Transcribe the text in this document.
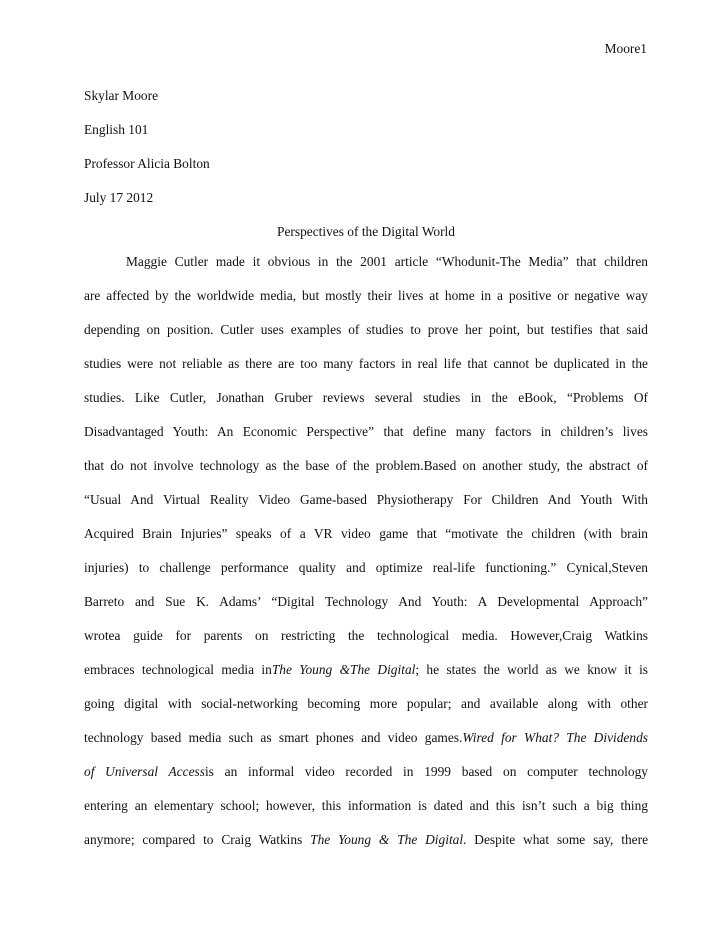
Moore1
Skylar Moore
English 101
Professor Alicia Bolton
July 17 2012
Perspectives of the Digital World
Maggie Cutler made it obvious in the 2001 article “Whodunit-The Media” that children
are affected by the worldwide media, but mostly their lives at home in a positive or negative way
depending on position. Cutler uses examples of studies to prove her point, but testifies that said
studies were not reliable as there are too many factors in real life that cannot be duplicated in the
studies. Like Cutler, Jonathan Gruber reviews several studies in the eBook, “Problems Of
Disadvantaged Youth: An Economic Perspective” that define many factors in children’s lives
that do not involve technology as the base of the problem.Based on another study, the abstract of
“Usual And Virtual Reality Video Game-based Physiotherapy For Children And Youth With
Acquired Brain Injuries” speaks of a VR video game that “motivate the children (with brain
injuries) to challenge performance quality and optimize real-life functioning.” Cynical,Steven
Barreto and Sue K. Adams’ “Digital Technology And Youth: A Developmental Approach”
wrotea guide for parents on restricting the technological media. However,Craig Watkins
embraces technological media inThe Young &The Digital; he states the world as we know it is
going digital with social-networking becoming more popular; and available along with other
technology based media such as smart phones and video games.Wired for What? The Dividends
of Universal Accessis an informal video recorded in 1999 based on computer technology
entering an elementary school; however, this information is dated and this isn’t such a big thing
anymore; compared to Craig Watkins The Young & The Digital. Despite what some say, there
